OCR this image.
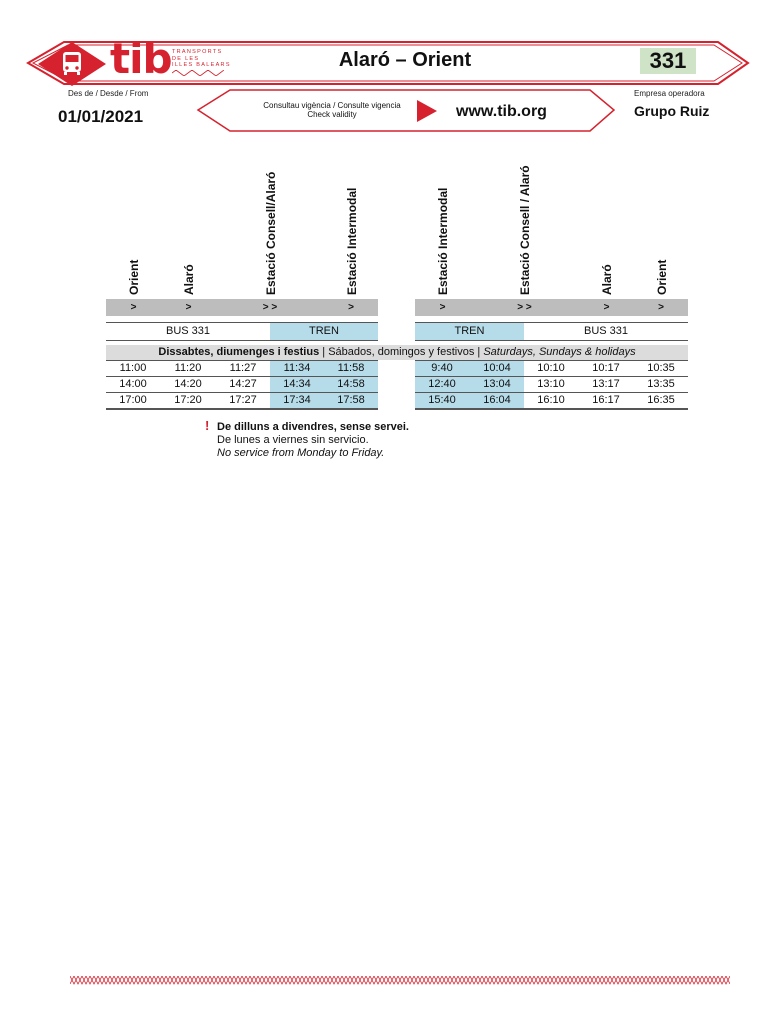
tib TRANSPORTS
DE LES
ILLES BALEARS	Alaró – Orient	331
Des de / Desde / From
01/01/2021
Consultau vigència / Consulte vigencia
Check validity	www.tib.org
Empresa operadora
Grupo Ruiz
Orient	Alaró	Estació Consell/Alaró	Estació Intermodal
>	>	> >	>
BUS 331	TREN
Estació Intermodal	Estació Consell / Alaró	Alaró	Orient
>	> >	>	>
TREN	BUS 331
Dissabtes, diumenges i festius | Sábados, domingos y festivos | Saturdays, Sundays & holidays
11:00	11:20	11:27	11:34	11:58
14:00	14:20	14:27	14:34	14:58
17:00	17:20	17:27	17:34	17:58
9:40	10:04	10:10	10:17	10:35
12:40	13:04	13:10	13:17	13:35
15:40	16:04	16:10	16:17	16:35
! De dilluns a divendres, sense servei.
De lunes a viernes sin servicio.
No service from Monday to Friday.
